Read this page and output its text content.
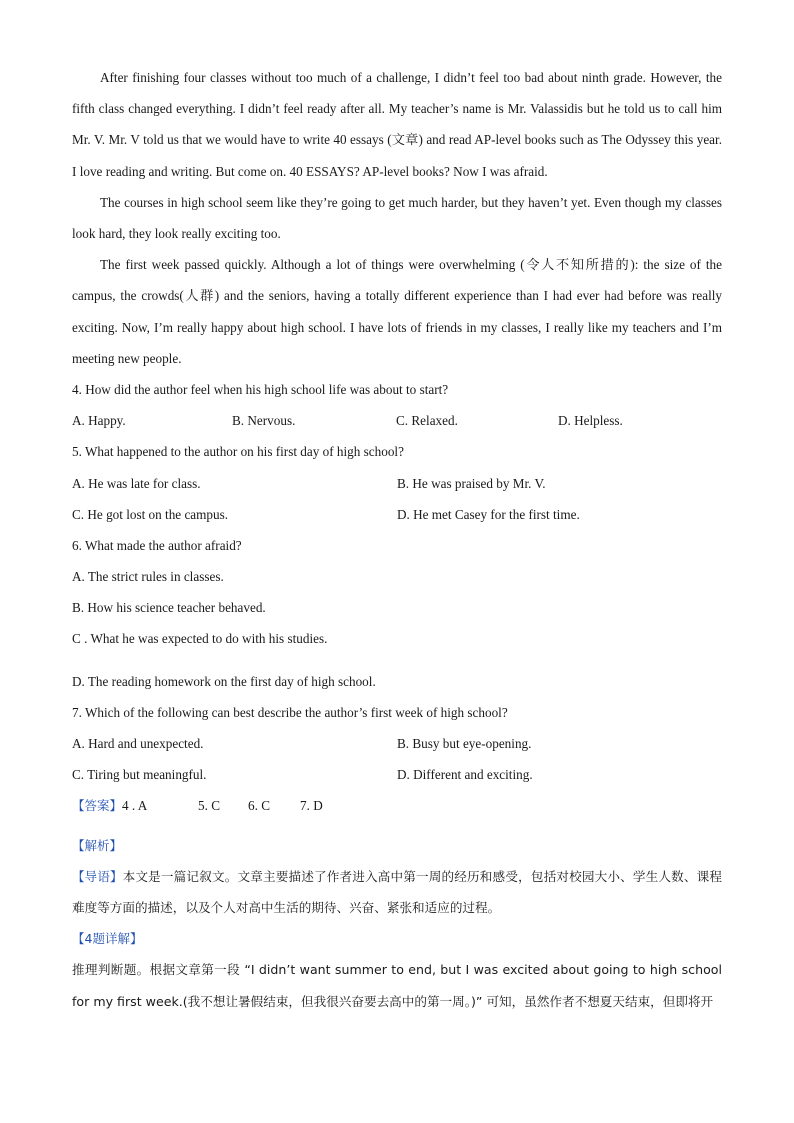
After finishing four classes without too much of a challenge, I didn’t feel too bad about ninth grade. However, the fifth class changed everything. I didn’t feel ready after all. My teacher’s name is Mr. Valassidis but he told us to call him Mr. V. Mr. V told us that we would have to write 40 essays (文章) and read AP-level books such as The Odyssey this year. I love reading and writing. But come on. 40 ESSAYS? AP-level books? Now I was afraid.

The courses in high school seem like they’re going to get much harder, but they haven’t yet. Even though my classes look hard, they look really exciting too.

The first week passed quickly. Although a lot of things were overwhelming (令人不知所措的): the size of the campus, the crowds(人群) and the seniors, having a totally different experience than I had ever had before was really exciting. Now, I’m really happy about high school. I have lots of friends in my classes, I really like my teachers and I’m meeting new people.

4. How did the author feel when his high school life was about to start?

A. Happy.	B. Nervous.	C. Relaxed.	D. Helpless.

5. What happened to the author on his first day of high school?

A. He was late for class.	B. He was praised by Mr. V.
C. He got lost on the campus.	D. He met Casey for the first time.

6. What made the author afraid?

A. The strict rules in classes.

B. How his science teacher behaved.

C . What he was expected to do with his studies.

D. The reading homework on the first day of high school.

7. Which of the following can best describe the author’s first week of high school?

A. Hard and unexpected.	B. Busy but eye-opening.
C. Tiring but meaningful.	D. Different and exciting.
【答案】4 . A	5. C 6. C 7. D

【解析】

【导语】本文是一篇记叙文。文章主要描述了作者进入高中第一周的经历和感受，包括对校园大小、学生人数、课程难度等方面的描述，以及个人对高中生活的期待、兴奋、紧张和适应的过程。

【4题详解】

推理判断题。根据文章第一段 “I didn’t want summer to end, but I was excited about going to high school for my first week.(我不想让暑假结束，但我很兴奋要去高中的第一周。)” 可知，虽然作者不想夏天结束，但即将开
